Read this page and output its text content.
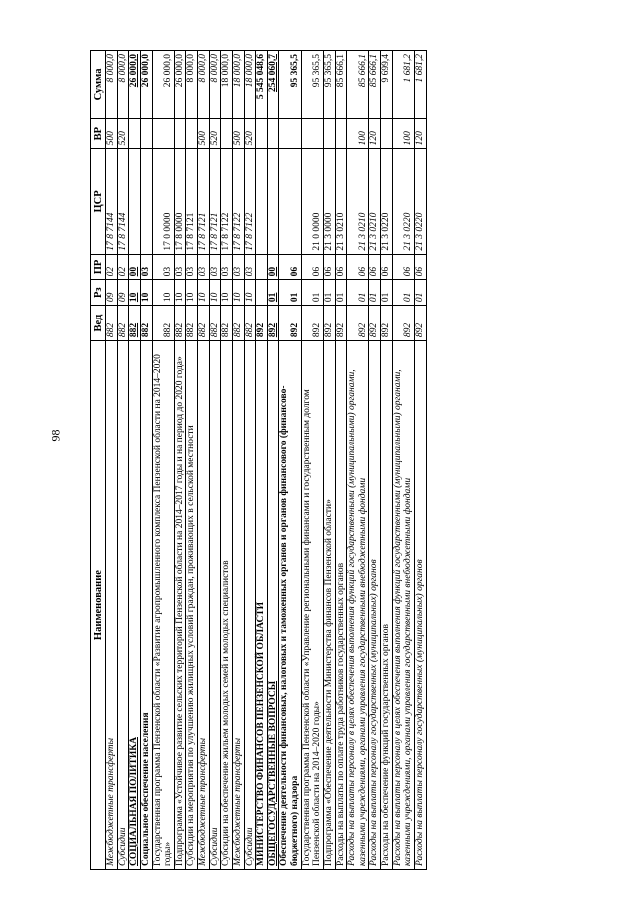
98
Наименование	Вед	Рз	ПР	ЦСР	ВР	Сумма
Межбюджетные трансферты	882	09	02	17 8 7144	500	8 000,0
Субсидии	882	09	02	17 8 7144	520	8 000,0
СОЦИАЛЬНАЯ ПОЛИТИКА	882	10	00			26 000,0
Социальное обеспечение населения	882	10	03			26 000,0
Государственная программа Пензенской области «Развитие агропромышленного комплекса Пензенской области на 2014–2020 годы»	882	10	03	17 0 0000		26 000,0
Подпрограмма «Устойчивое развитие сельских территорий Пензенской области на 2014–2017 годы и на период до 2020 года»	882	10	03	17 8 0000		26 000,0
Субсидии на мероприятия по улучшению жилищных условий граждан, проживающих в сельской местности	882	10	03	17 8 7121		8 000,0
Межбюджетные трансферты	882	10	03	17 8 7121	500	8 000,0
Субсидии	882	10	03	17 8 7121	520	8 000,0
Субсидии на обеспечение жильем молодых семей и молодых специалистов	882	10	03	17 8 7122		18 000,0
Межбюджетные трансферты	882	10	03	17 8 7122	500	18 000,0
Субсидии	882	10	03	17 8 7122	520	18 000,0
МИНИСТЕРСТВО ФИНАНСОВ ПЕНЗЕНСКОЙ ОБЛАСТИ	892					5 545 048,6
ОБЩЕГОСУДАРСТВЕННЫЕ ВОПРОСЫ	892	01	00			254 060,7
Обеспечение деятельности финансовых, налоговых и таможенных органов и органов финансового (финансово-бюджетного) надзора	892	01	06			95 365,5
Государственная программа Пензенской области «Управление региональными финансами и государственным долгом Пензенской области на 2014–2020 годы»	892	01	06	21 0 0000		95 365,5
Подпрограмма «Обеспечение деятельности Министерства финансов Пензенской области»	892	01	06	21 3 0000		95 365,5
Расходы на выплаты по оплате труда работников государственных органов	892	01	06	21 3 0210		85 666,1
Расходы на выплаты персоналу в целях обеспечения выполнения функций государственными (муниципальными) органами, казенными учреждениями, органами управления государственными внебюджетными фондами	892	01	06	21 3 0210	100	85 666,1
Расходы на выплаты персоналу государственных (муниципальных) органов	892	01	06	21 3 0210	120	85 666,1
Расходы на обеспечение функций государственных органов	892	01	06	21 3 0220		9 699,4
Расходы на выплаты персоналу в целях обеспечения выполнения функций государственными (муниципальными) органами, казенными учреждениями, органами управления государственными внебюджетными фондами	892	01	06	21 3 0220	100	1 681,2
Расходы на выплаты персоналу государственных (муниципальных) органов	892	01	06	21 3 0220	120	1 681,2
